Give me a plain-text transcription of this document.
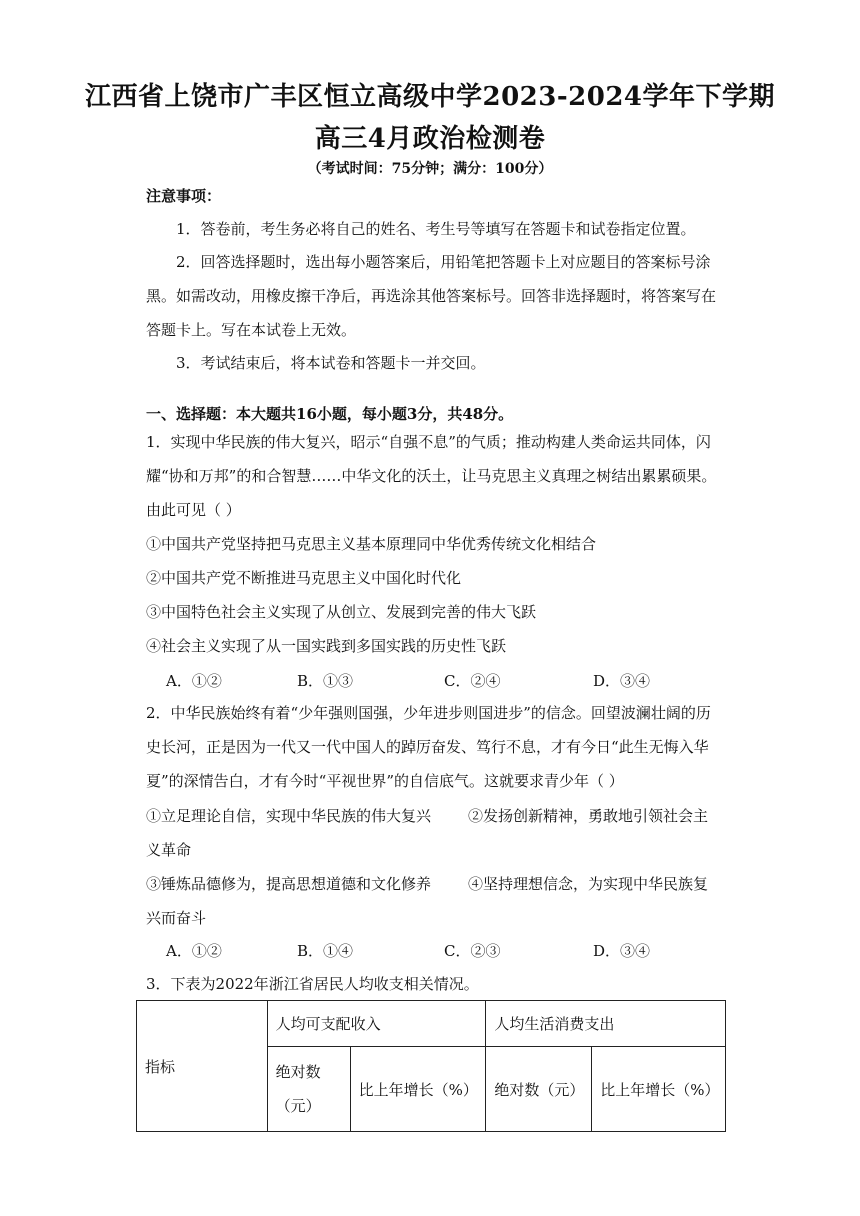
江西省上饶市广丰区恒立高级中学2023-2024学年下学期
高三4月政治检测卷
（考试时间：75分钟；满分：100分）
注意事项：
1．答卷前，考生务必将自己的姓名、考生号等填写在答题卡和试卷指定位置。
2．回答选择题时，选出每小题答案后，用铅笔把答题卡上对应题目的答案标号涂
黑。如需改动，用橡皮擦干净后，再选涂其他答案标号。回答非选择题时，将答案写在
答题卡上。写在本试卷上无效。
3．考试结束后，将本试卷和答题卡一并交回。
一、选择题：本大题共16小题，每小题3分，共48分。
1．实现中华民族的伟大复兴，昭示“自强不息”的气质；推动构建人类命运共同体，闪
耀“协和万邦”的和合智慧……中华文化的沃土，让马克思主义真理之树结出累累硕果。
由此可见（ ）
①中国共产党坚持把马克思主义基本原理同中华优秀传统文化相结合
②中国共产党不断推进马克思主义中国化时代化
③中国特色社会主义实现了从创立、发展到完善的伟大飞跃
④社会主义实现了从一国实践到多国实践的历史性飞跃
A．①②	B．①③	C．②④	D．③④
2．中华民族始终有着“少年强则国强，少年进步则国进步”的信念。回望波澜壮阔的历
史长河，正是因为一代又一代中国人的踔厉奋发、笃行不息，才有今日“此生无悔入华
夏”的深情告白，才有今时“平视世界”的自信底气。这就要求青少年（ ）
①立足理论自信，实现中华民族的伟大复兴 ②发扬创新精神，勇敢地引领社会主
义革命
③锤炼品德修为，提高思想道德和文化修养 ④坚持理想信念，为实现中华民族复
兴而奋斗
A．①②	B．①④	C．②③	D．③④
3．下表为2022年浙江省居民人均收支相关情况。
指标	人均可支配收入		人均生活消费支出	

	绝对数
（元）	比上年增长（%）	绝对数（元）	比上年增长（%）
